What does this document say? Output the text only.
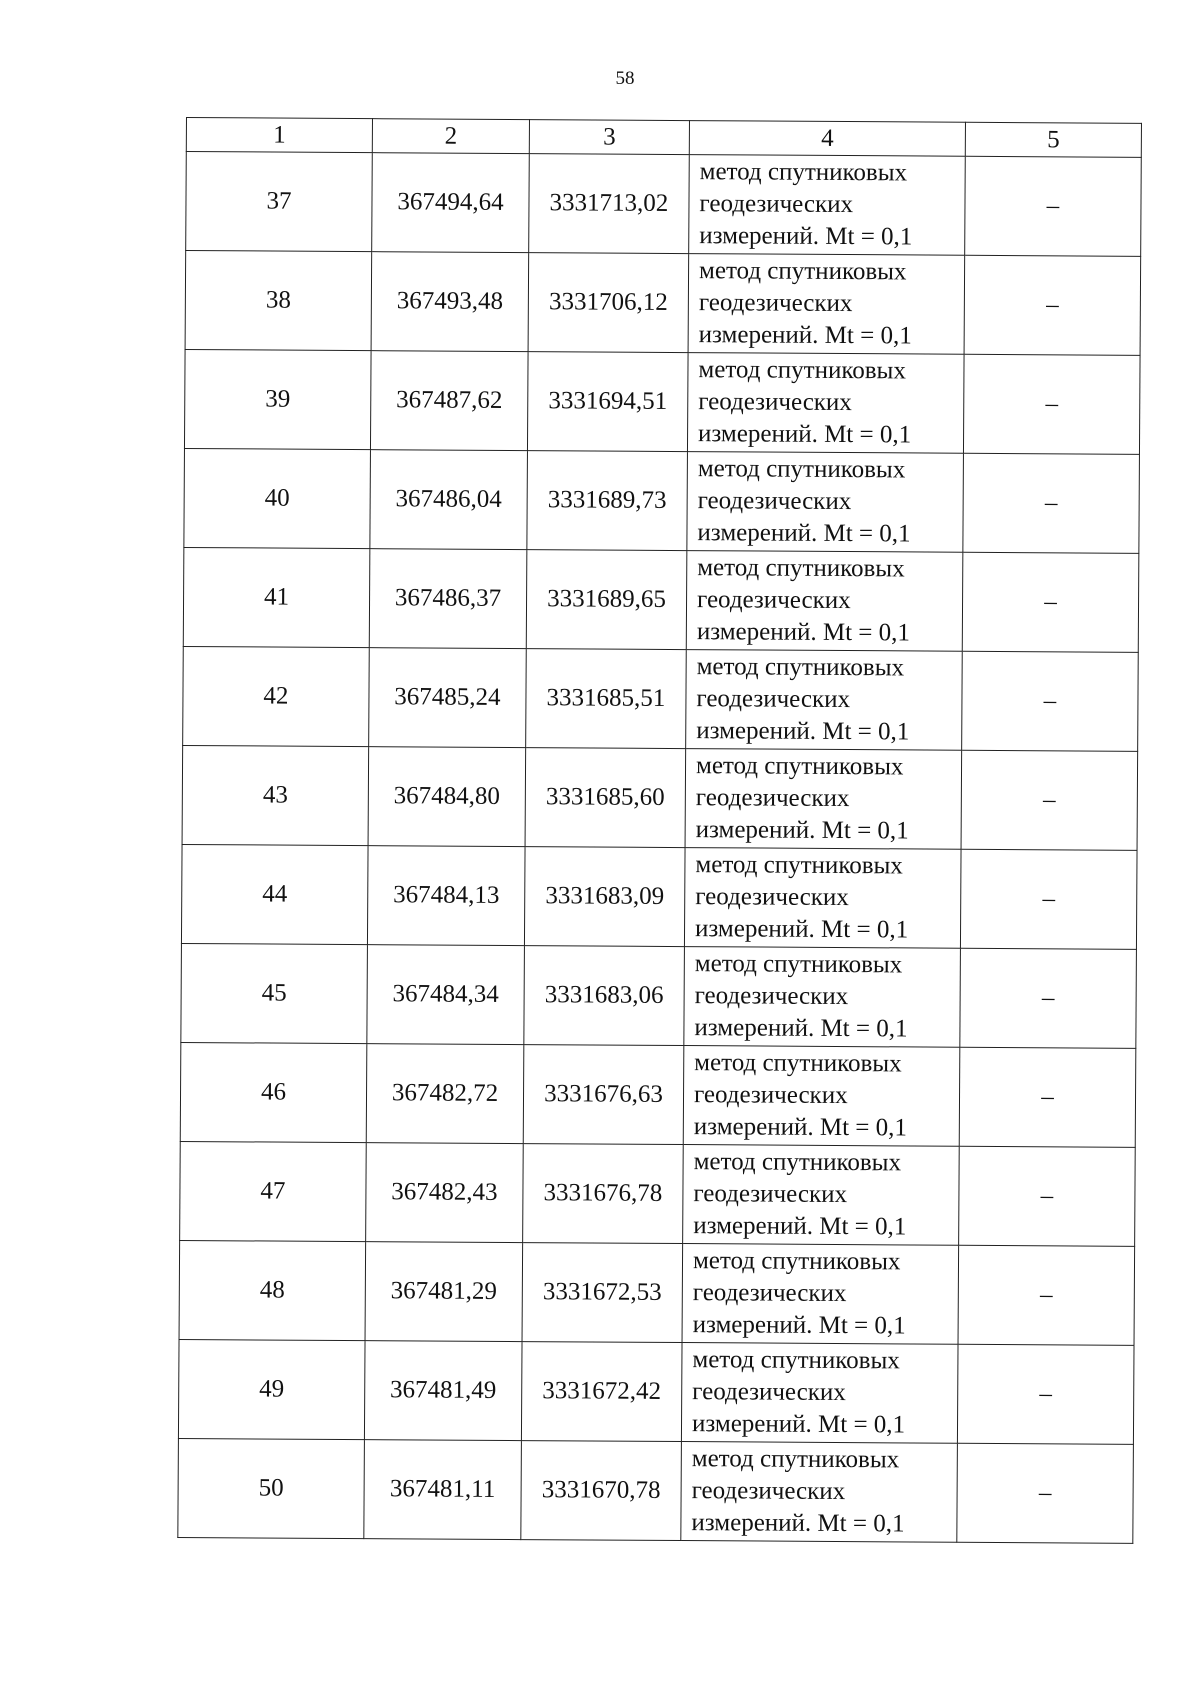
58
1	2	3	4	5
37	367494,64	3331713,02	метод спутниковых
геодезических
измерений. Mt = 0,1	–
38	367493,48	3331706,12	метод спутниковых
геодезических
измерений. Mt = 0,1	–
39	367487,62	3331694,51	метод спутниковых
геодезических
измерений. Mt = 0,1	–
40	367486,04	3331689,73	метод спутниковых
геодезических
измерений. Mt = 0,1	–
41	367486,37	3331689,65	метод спутниковых
геодезических
измерений. Mt = 0,1	–
42	367485,24	3331685,51	метод спутниковых
геодезических
измерений. Mt = 0,1	–
43	367484,80	3331685,60	метод спутниковых
геодезических
измерений. Mt = 0,1	–
44	367484,13	3331683,09	метод спутниковых
геодезических
измерений. Mt = 0,1	–
45	367484,34	3331683,06	метод спутниковых
геодезических
измерений. Mt = 0,1	–
46	367482,72	3331676,63	метод спутниковых
геодезических
измерений. Mt = 0,1	–
47	367482,43	3331676,78	метод спутниковых
геодезических
измерений. Mt = 0,1	–
48	367481,29	3331672,53	метод спутниковых
геодезических
измерений. Mt = 0,1	–
49	367481,49	3331672,42	метод спутниковых
геодезических
измерений. Mt = 0,1	–
50	367481,11	3331670,78	метод спутниковых
геодезических
измерений. Mt = 0,1	–
